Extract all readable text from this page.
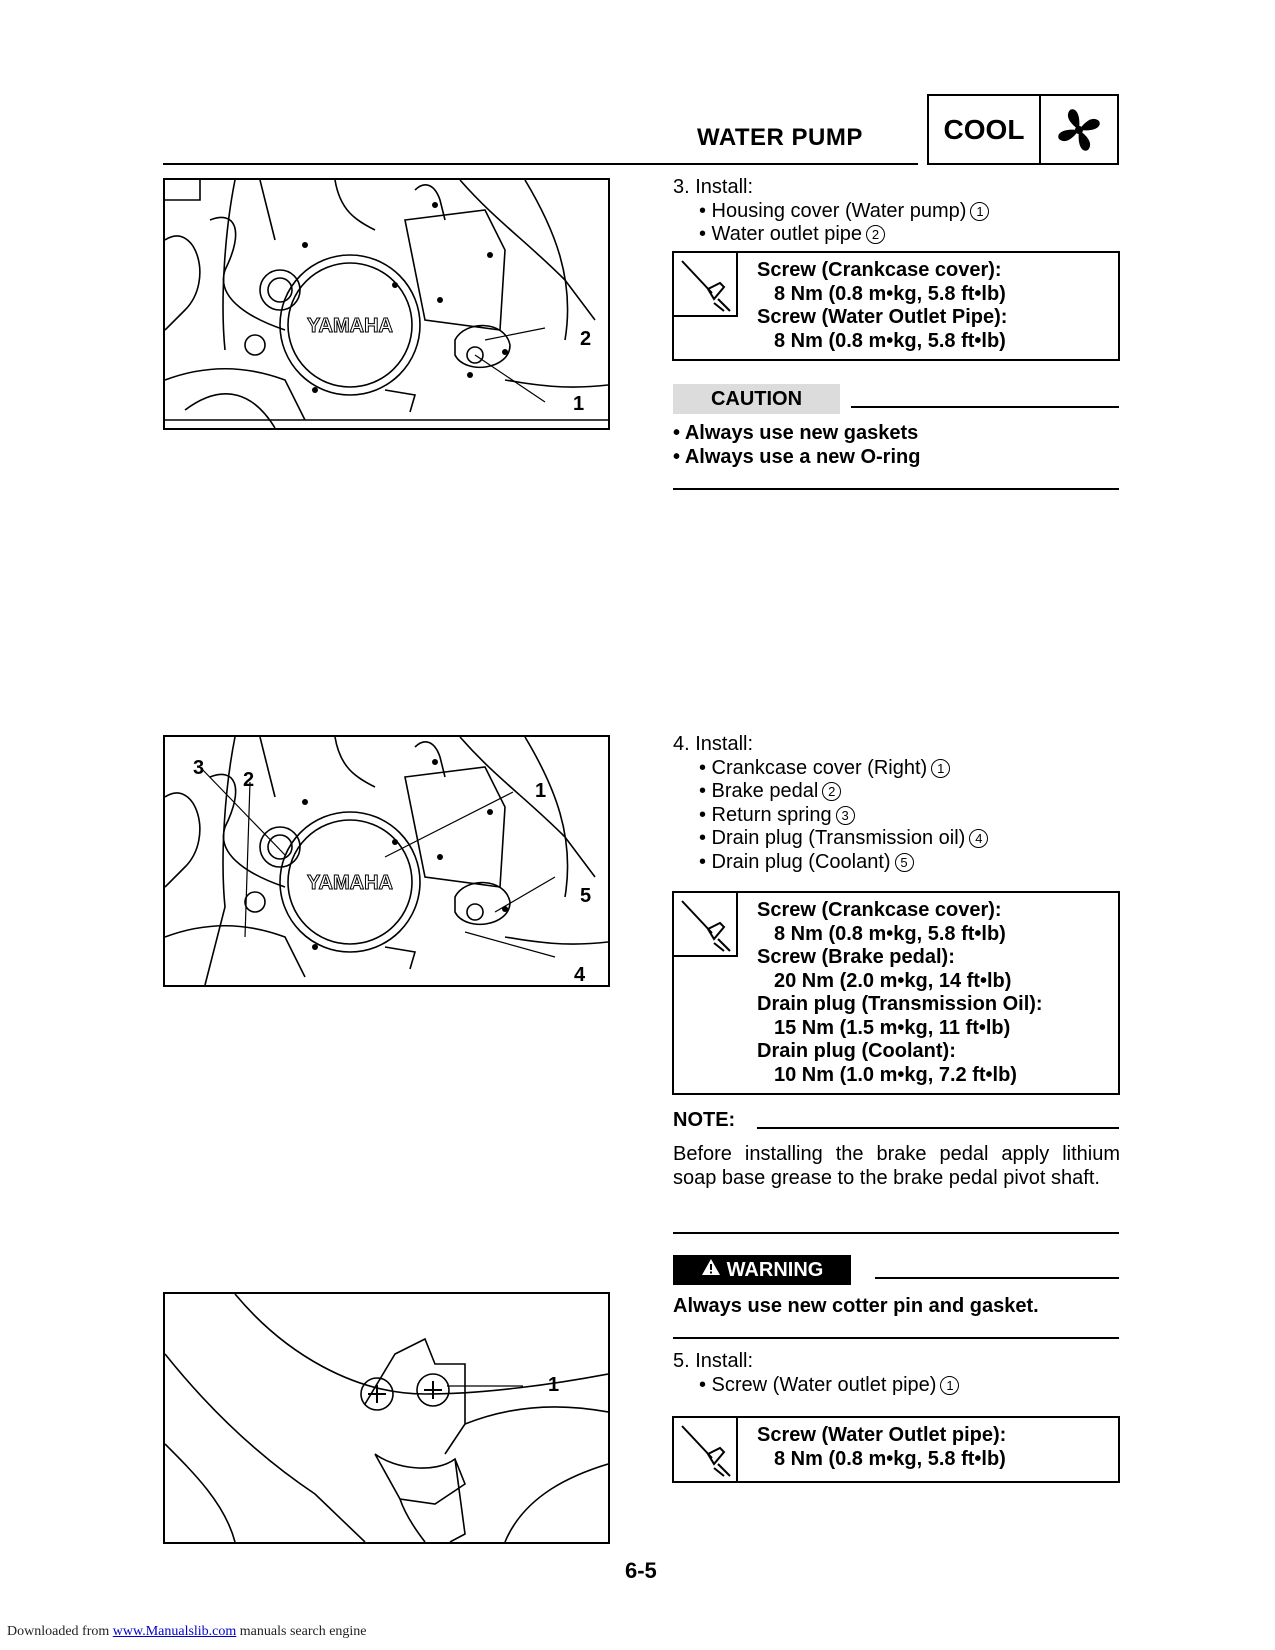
WATER PUMP	COOL
YAMAHA
2
1
3. Install:
• Housing cover (Water pump) 1
• Water outlet pipe 2
Screw (Crankcase cover):
8 Nm (0.8 m•kg, 5.8 ft•lb)
Screw (Water Outlet Pipe):
8 Nm (0.8 m•kg, 5.8 ft•lb)
CAUTION
• Always use new gaskets
• Always use a new O-ring
YAMAHA
3
2	1
5
4
4. Install:
• Crankcase cover (Right) 1
• Brake pedal 2
• Return spring 3
• Drain plug (Transmission oil) 4
• Drain plug (Coolant) 5
Screw (Crankcase cover):
8 Nm (0.8 m•kg, 5.8 ft•lb)
Screw (Brake pedal):
20 Nm (2.0 m•kg, 14 ft•lb)
Drain plug (Transmission Oil):
15 Nm (1.5 m•kg, 11 ft•lb)
Drain plug (Coolant):
10 Nm (1.0 m•kg, 7.2 ft•lb)
NOTE:
Before installing the brake pedal apply lithium soap base grease to the brake pedal pivot shaft.
WARNING
Always use new cotter pin and gasket.
1
5. Install:
• Screw (Water outlet pipe) 1
Screw (Water Outlet pipe):
8 Nm (0.8 m•kg, 5.8 ft•lb)
6-5
Downloaded from www.Manualslib.com manuals search engine
